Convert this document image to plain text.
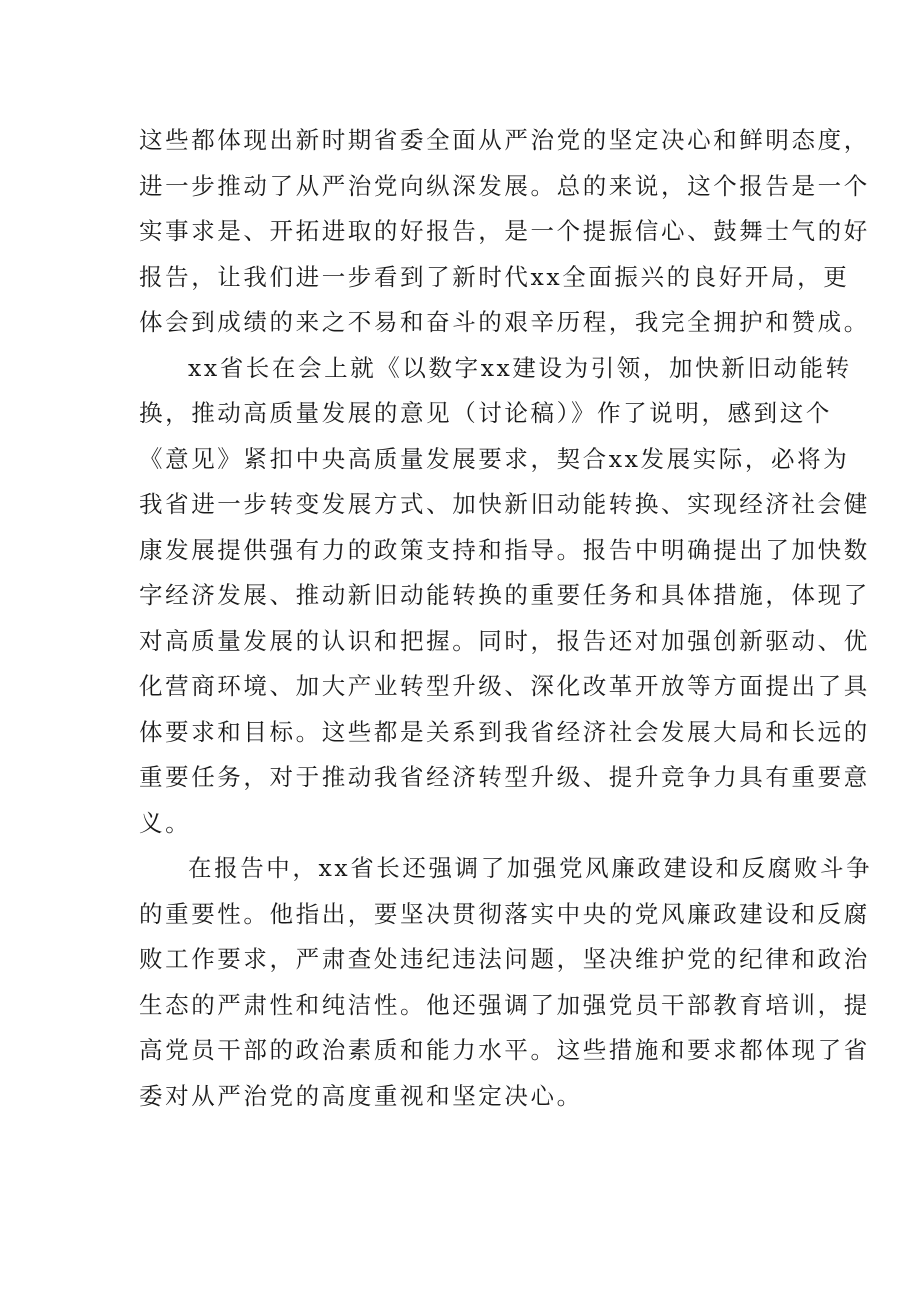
这些都体现出新时期省委全面从严治党的坚定决心和鲜明态度，
进一步推动了从严治党向纵深发展。总的来说，这个报告是一个
实事求是、开拓进取的好报告，是一个提振信心、鼓舞士气的好
报告，让我们进一步看到了新时代xx全面振兴的良好开局，更
体会到成绩的来之不易和奋斗的艰辛历程，我完全拥护和赞成。
xx省长在会上就《以数字xx建设为引领，加快新旧动能转
换，推动高质量发展的意见（讨论稿）》作了说明，感到这个
《意见》紧扣中央高质量发展要求，契合xx发展实际，必将为
我省进一步转变发展方式、加快新旧动能转换、实现经济社会健
康发展提供强有力的政策支持和指导。报告中明确提出了加快数
字经济发展、推动新旧动能转换的重要任务和具体措施，体现了
对高质量发展的认识和把握。同时，报告还对加强创新驱动、优
化营商环境、加大产业转型升级、深化改革开放等方面提出了具
体要求和目标。这些都是关系到我省经济社会发展大局和长远的
重要任务，对于推动我省经济转型升级、提升竞争力具有重要意
义。
在报告中，xx省长还强调了加强党风廉政建设和反腐败斗争
的重要性。他指出，要坚决贯彻落实中央的党风廉政建设和反腐
败工作要求，严肃查处违纪违法问题，坚决维护党的纪律和政治
生态的严肃性和纯洁性。他还强调了加强党员干部教育培训，提
高党员干部的政治素质和能力水平。这些措施和要求都体现了省
委对从严治党的高度重视和坚定决心。
